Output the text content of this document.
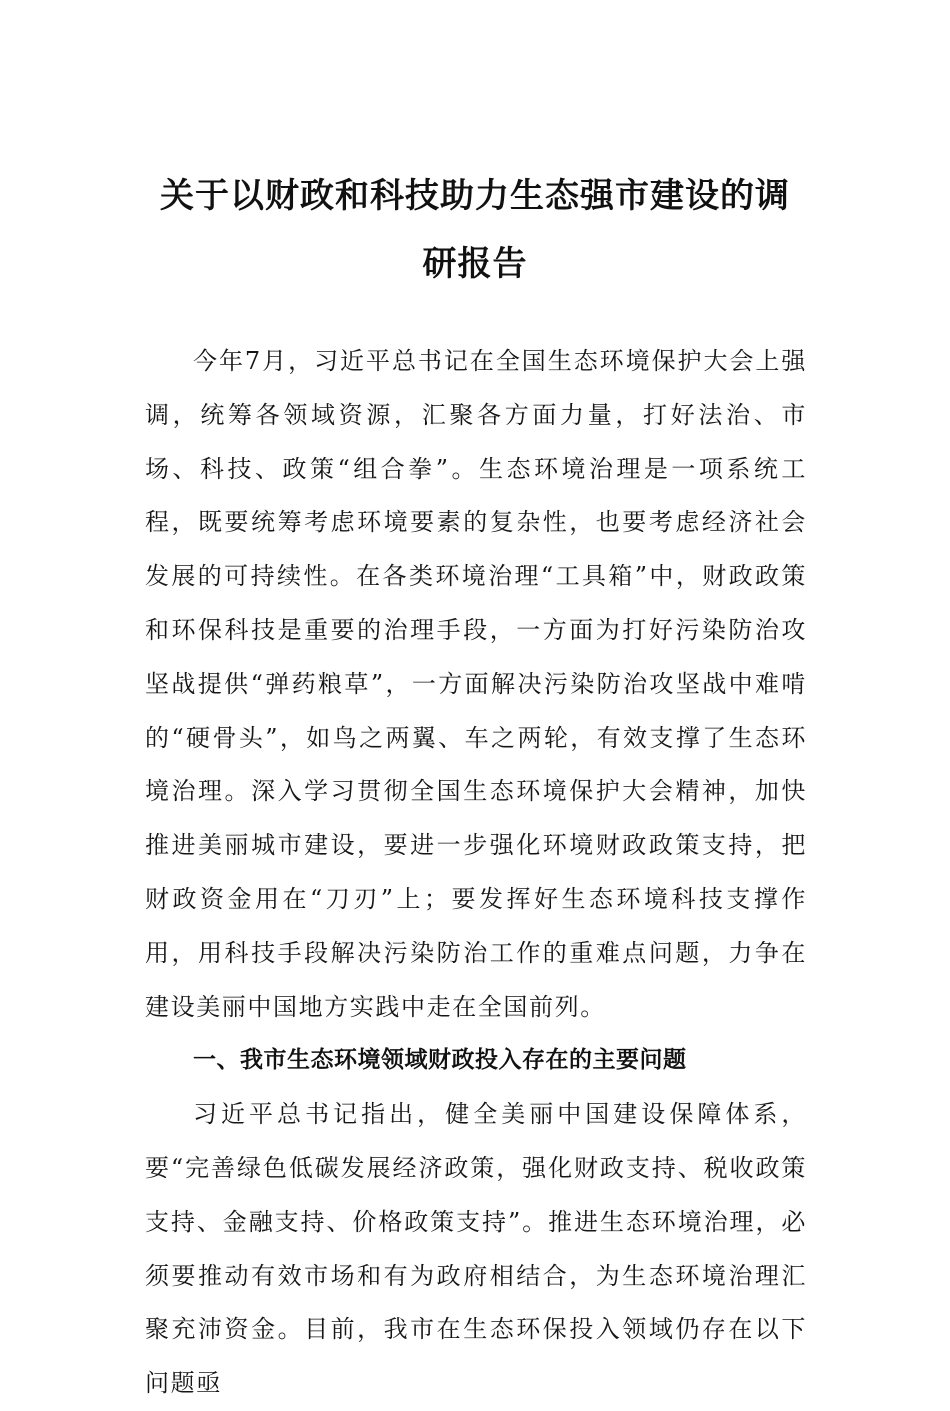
关于以财政和科技助力生态强市建设的调
研报告

今年7月，习近平总书记在全国生态环境保护大会上强调，统筹各领域资源，汇聚各方面力量，打好法治、市场、科技、政策“组合拳”。生态环境治理是一项系统工程，既要统筹考虑环境要素的复杂性，也要考虑经济社会发展的可持续性。在各类环境治理“工具箱”中，财政政策和环保科技是重要的治理手段，一方面为打好污染防治攻坚战提供“弹药粮草”，一方面解决污染防治攻坚战中难啃的“硬骨头”，如鸟之两翼、车之两轮，有效支撑了生态环境治理。深入学习贯彻全国生态环境保护大会精神，加快推进美丽城市建设，要进一步强化环境财政政策支持，把财政资金用在“刀刃”上；要发挥好生态环境科技支撑作用，用科技手段解决污染防治工作的重难点问题，力争在建设美丽中国地方实践中走在全国前列。

一、我市生态环境领域财政投入存在的主要问题

习近平总书记指出，健全美丽中国建设保障体系，要“完善绿色低碳发展经济政策，强化财政支持、税收政策支持、金融支持、价格政策支持”。推进生态环境治理，必须要推动有效市场和有为政府相结合，为生态环境治理汇聚充沛资金。目前，我市在生态环保投入领域仍存在以下问题亟
